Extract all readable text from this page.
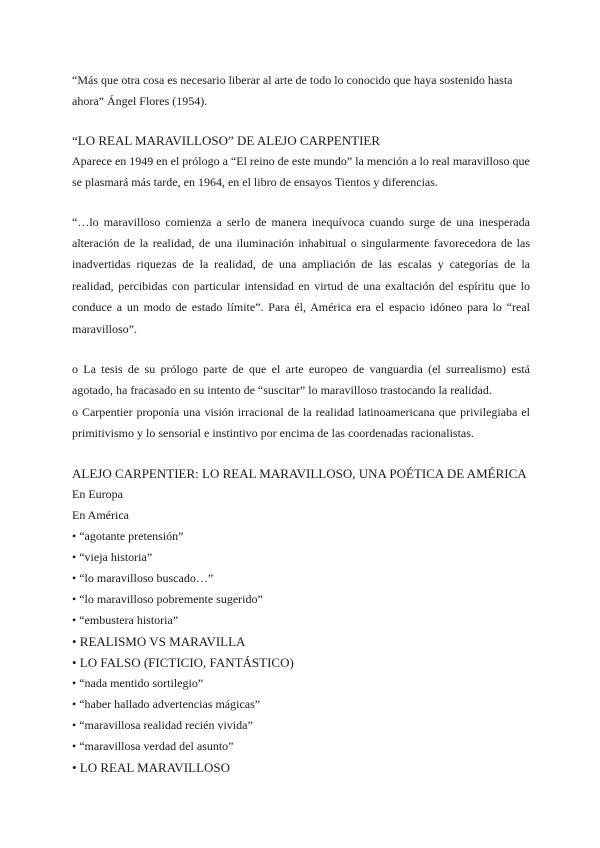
“Más que otra cosa es necesario liberar al arte de todo lo conocido que haya sostenido hasta ahora” Ángel Flores (1954).

“LO REAL MARAVILLOSO” DE ALEJO CARPENTIER

Aparece en 1949 en el prólogo a “El reino de este mundo” la mención a lo real maravilloso que se plasmará más tarde, en 1964, en el libro de ensayos Tientos y diferencias.

“…lo maravilloso comienza a serlo de manera inequívoca cuando surge de una inesperada alteración de la realidad, de una iluminación inhabitual o singularmente favorecedora de las inadvertidas riquezas de la realidad, de una ampliación de las escalas y categorías de la realidad, percibidas con particular intensidad en virtud de una exaltación del espíritu que lo conduce a un modo de estado límite”. Para él, América era el espacio idóneo para lo “real maravilloso”.

o La tesis de su prólogo parte de que el arte europeo de vanguardia (el surrealismo) está agotado, ha fracasado en su intento de “suscitar” lo maravilloso trastocando la realidad.

o Carpentier proponía una visión irracional de la realidad latinoamericana que privilegiaba el primitivismo y lo sensorial e instintivo por encima de las coordenadas racionalistas.

ALEJO CARPENTIER: LO REAL MARAVILLOSO, UNA POÉTICA DE AMÉRICA

En Europa
En América
• “agotante pretensión”
• “vieja historia”
• “lo maravilloso buscado…”
• “lo maravilloso pobremente sugerido”
• “embustera historia”
• REALISMO VS MARAVILLA
• LO FALSO (FICTICIO, FANTÁSTICO)
• “nada mentido sortilegio”
• “haber hallado advertencias mágicas”
• “maravillosa realidad recién vivida”
• “maravillosa verdad del asunto”
• LO REAL MARAVILLOSO
